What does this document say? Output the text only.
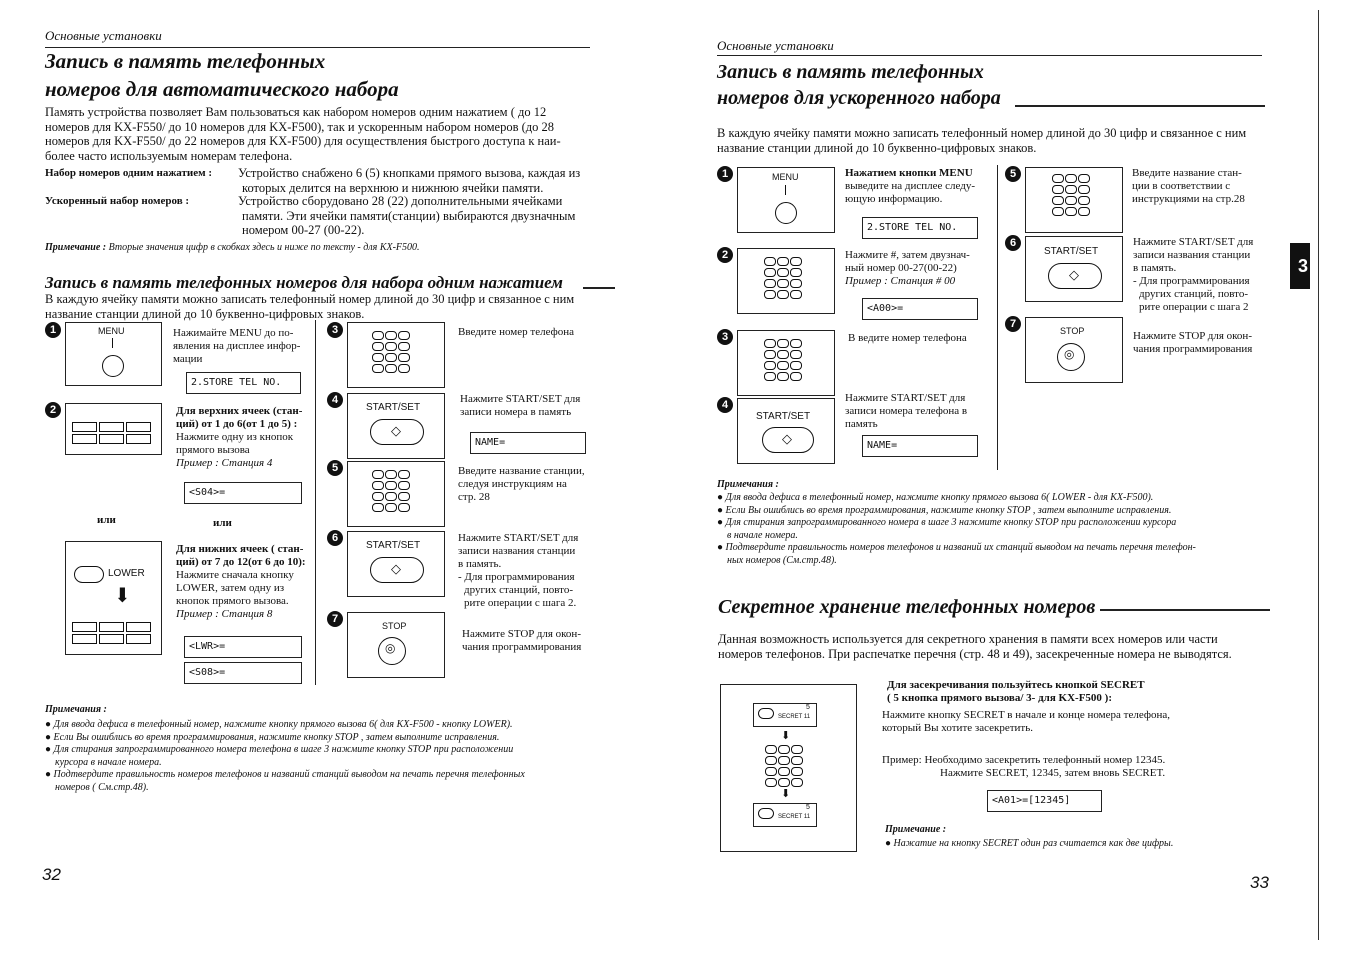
Основные установки
Запись в память телефонных
номеров для автоматического набора
Память устройства позволяет Вам пользоваться как набором номеров одним нажатием ( до 12
номеров для KX-F550/ до 10 номеров для KX-F500), так и ускоренным набором номеров (до 28
номеров для KX-F550/ до 22 номеров для KX-F500) для осуществления быстрого доступа к наи-
более часто используемым номерам телефона.
Набор номеров одним нажатием : Устройство снабжено 6 (5) кнопками прямого вызова, каждая из
которых делится на верхнюю и нижнюю ячейки памяти.
Ускоренный набор номеров :	Устройство сборудовано 28 (22) дополнительными ячейками
памяти. Эти ячейки памяти(станции) выбираются двузначным
номером 00-27 (00-22).
Примечание : Вторые значения цифр в скобках здесь и ниже по тексту - для KX-F500.
Запись в память телефонных номеров для набора одним нажатием
В каждую ячейку памяти можно записать телефонный номер длиной до 30 цифр и связанное с ним
название станции длиной до 10 буквенно-цифровых знаков.
1	MENU	Нажимайте MENU до по-
явления на дисплее инфор-
мации
2.STORE TEL NO.
2	Для верхних ячеек (стан-
ций) от 1 до 6(от 1 до 5) :
Нажмите одну из кнопок
прямого вызова
Пример : Станция 4
<S04>=
или	или
LOWER
⬇
Для нижних ячеек ( стан-
ций) от 7 до 12(от 6 до 10):
Нажмите сначала кнопку
LOWER, затем одну из
кнопок прямого вызова.
Пример : Станция 8
<LWR>=
<S08>=
3	Введите номер телефона
4
START/SET
◇
Нажмите START/SET для
записи номера в память
NAME=
5	Введите название станции,
следуя инструкциям на
стр. 28
6
START/SET
◇
Нажмите START/SET для
записи названия станции
в память.
- Для программирования
других станций, повто-
рите операции с шага 2.
7
STOP
◎
Нажмите STOP для окон-
чания программирования
Примечания :
● Для ввода дефиса в телефонный номер, нажмите кнопку прямого вызова 6( для KX-F500 - кнопку LOWER).
● Если Вы ошиблись во время программирования, нажмите кнопку STOP , затем выполните исправления.
● Для стирания запрограммированного номера телефона в шаге 3 нажмите кнопку STOP при расположении
курсора в начале номера.
● Подтвердите правильность номеров телефонов и названий станций выводом на печать перечня телефонных
номеров ( См.стр.48).
32
Основные установки
Запись в память телефонных
номеров для ускоренного набора
В каждую ячейку памяти можно записать телефонный номер длиной до 30 цифр и связанное с ним
название станции длиной до 10 буквенно-цифровых знаков.
1	MENU	Нажатием кнопки MENU
выведите на дисплее следу-
ющую информацию.
2.STORE TEL NO.
2	Нажмите #, затем двузнач-
ный номер 00-27(00-22)
Пример : Станция # 00
<A00>=
3	В ведите номер телефона
4
START/SET
◇
Нажмите START/SET для
записи номера телефона в
память
NAME=
5	Введите название стан-
ции в соответствии с
инструкциями на стр.28
6
START/SET
◇
Нажмите START/SET для
записи названия станции
в память.
- Для программирования
других станций, повто-
рите операции с шага 2
7
STOP
◎
Нажмите STOP для окон-
чания программирования
3
Примечания :
● Для ввода дефиса в телефонный номер, нажмите кнопку прямого вызова 6( LOWER - для KX-F500).
● Если Вы ошиблись во время программирования, нажмите кнопку STOP , затем выполните исправления.
● Для стирания запрограммированного номера в шаге 3 нажмите кнопку STOP при расположении курсора
в начале номера.
● Подтвердите правильность номеров телефонов и названий их станций выводом на печать перечня телефон-
ных номеров (См.стр.48).
Секретное хранение телефонных номеров
Данная возможность используется для секретного хранения в памяти всех номеров или части
номеров телефонов. При распечатке перечня (стр. 48 и 49), засекреченные номера не выводятся.
5
SECRET 11
⬇
⬇
5
SECRET 11
Для засекречивания пользуйтесь кнопкой SECRET
( 5 кнопка прямого вызова/ 3- для KX-F500 ):
Нажмите кнопку SECRET в начале и конце номера телефона,
который Вы хотите засекретить.
Пример: Необходимо засекретить телефонный номер 12345.
Нажмите SECRET, 12345, затем вновь SECRET.
<A01>=[12345]
Примечание :
● Нажатие на кнопку SECRET один раз считается как две цифры.
33
